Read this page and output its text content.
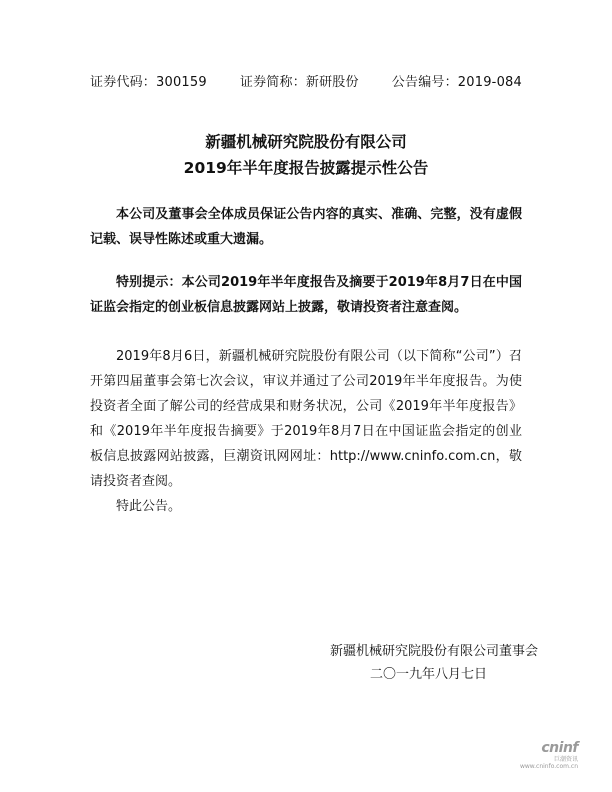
证券代码：300159	证券简称：新研股份	公告编号：2019-084
新疆机械研究院股份有限公司
2019年半年度报告披露提示性公告
本公司及董事会全体成员保证公告内容的真实、准确、完整，没有虚假记载、误导性陈述或重大遗漏。
特别提示：本公司2019年半年度报告及摘要于2019年8月7日在中国证监会指定的创业板信息披露网站上披露，敬请投资者注意查阅。
2019年8月6日，新疆机械研究院股份有限公司（以下简称“公司”）召开第四届董事会第七次会议，审议并通过了公司2019年半年度报告。为使投资者全面了解公司的经营成果和财务状况，公司《2019年半年度报告》和《2019年半年度报告摘要》于2019年8月7日在中国证监会指定的创业板信息披露网站披露，巨潮资讯网网址：http://www.cninfo.com.cn，敬请投资者查阅。
特此公告。
新疆机械研究院股份有限公司董事会
二〇一九年八月七日
cninf
巨潮资讯
www.cninfo.com.cn
